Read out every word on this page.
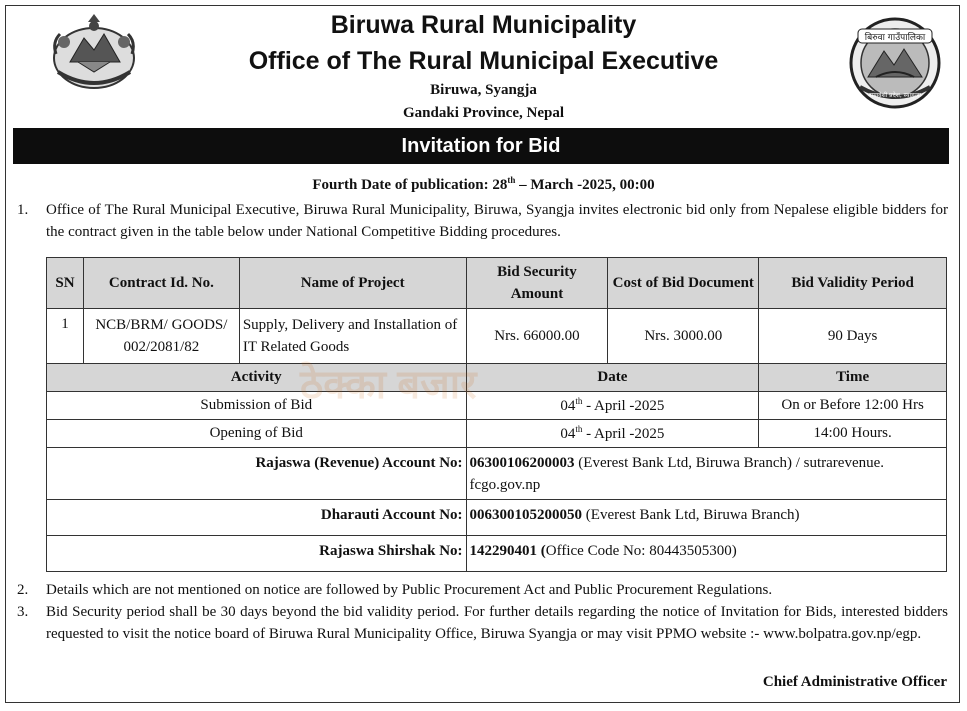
बिरुवा गाउँपालिका
समावेशी प्रदेश, स्याङ्जा
Biruwa Rural Municipality
Office of The Rural Municipal Executive
Biruwa, Syangja
Gandaki Province, Nepal
Invitation for Bid
Fourth Date of publication: 28th – March -2025, 00:00
1. Office of The Rural Municipal Executive, Biruwa Rural Municipality, Biruwa, Syangja invites electronic bid only from Nepalese eligible bidders for the contract given in the table below under National Competitive Bidding procedures.
SN	Contract Id. No.	Name of Project	Bid Security Amount	Cost of Bid Document	Bid Validity Period
1	NCB/BRM/ GOODS/ 002/2081/82	Supply, Delivery and Installation of IT Related Goods	Nrs. 66000.00	Nrs. 3000.00	90 Days
Activity			Date		Time
Submission of Bid			04th - April -2025		On or Before 12:00 Hrs
Opening of Bid			04th - April -2025		14:00 Hours.
Rajaswa (Revenue) Account No:			06300106200003 (Everest Bank Ltd, Biruwa Branch) / sutrarevenue. fcgo.gov.np		
Dharauti Account No:			006300105200050 (Everest Bank Ltd, Biruwa Branch)		
Rajaswa Shirshak No:			142290401 (Office Code No: 80443505300)		
ठेक्का बजार
2. Details which are not mentioned on notice are followed by Public Procurement Act and Public Procurement Regulations.
3. Bid Security period shall be 30 days beyond the bid validity period. For further details regarding the notice of Invitation for Bids, interested bidders requested to visit the notice board of Biruwa Rural Municipality Office, Biruwa Syangja or may visit PPMO website :- www.bolpatra.gov.np/egp.
Chief Administrative Officer
